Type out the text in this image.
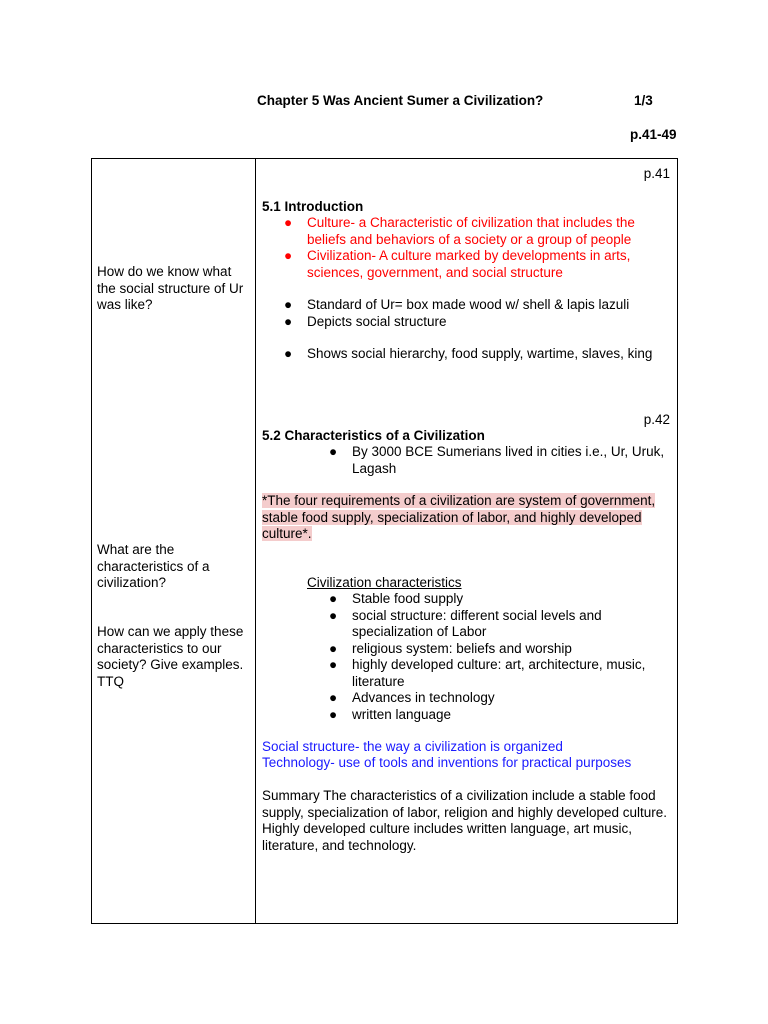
Chapter 5 Was Ancient Sumer a Civilization?	1/3
p.41-49
How do we know what the social structure of Ur was like?
What are the characteristics of a civilization?
How can we apply these characteristics to our society? Give examples. TTQ
p.41
5.1 Introduction
● Culture- a Characteristic of civilization that includes the beliefs and behaviors of a society or a group of people
● Civilization- A culture marked by developments in arts, sciences, government, and social structure
● Standard of Ur= box made wood w/ shell & lapis lazuli
● Depicts social structure
● Shows social hierarchy, food supply, wartime, slaves, king
p.42
5.2 Characteristics of a Civilization
● By 3000 BCE Sumerians lived in cities i.e., Ur, Uruk, Lagash
*The four requirements of a civilization are system of government, stable food supply, specialization of labor, and highly developed culture*.
Civilization characteristics
● Stable food supply
● social structure: different social levels and specialization of Labor
● religious system: beliefs and worship
● highly developed culture: art, architecture, music, literature
● Advances in technology
● written language
Social structure- the way a civilization is organized
Technology- use of tools and inventions for practical purposes
Summary The characteristics of a civilization include a stable food supply, specialization of labor, religion and highly developed culture. Highly developed culture includes written language, art music, literature, and technology.
